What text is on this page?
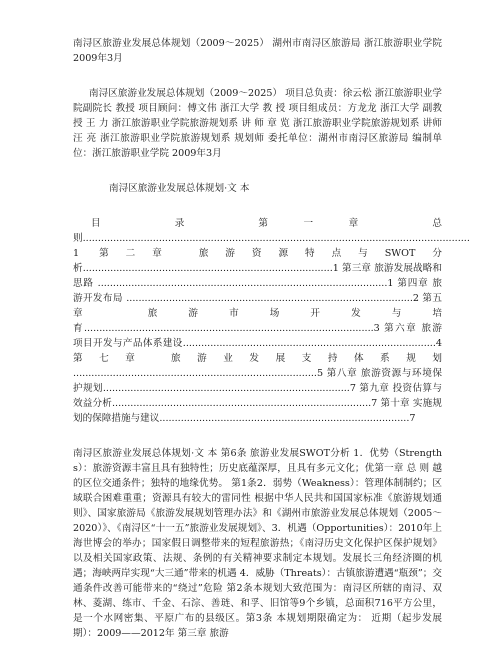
南浔区旅游业发展总体规划（2009～2025） 湖州市南浔区旅游局 浙江旅游职业学院 2009年3月

南浔区旅游业发展总体规划（2009～2025） 项目总负责：徐云松 浙江旅游职业学院副院长 教授 项目顾问：傅文伟 浙江大学 教 授 项目组成员：方龙龙 浙江大学 副教授 王 力 浙江旅游职业学院旅游规划系 讲 师 章 览 浙江旅游职业学院旅游规划系 讲师 汪 亮 浙江旅游职业学院旅游规划系 规划师 委托单位：湖州市南浔区旅游局 编制单位：浙江旅游职业学院 2009年3月

南浔区旅游业发展总体规划·文 本

目 录 第一章 总则...............................................................................................................................1 第二章 旅游资源特点与SWOT分析..................................................................................1 第三章 旅游发展战略和思路 ...............................................................................................1 第四章 旅游开发布局 ..............................................................................................2 第五章 旅游市场开发与培育...............................................................................................3 第六章 旅游项目开发与产品体系建设...................................................................................4 第七章 旅游业发展支持体系规划 ................................................................................5 第八章 旅游资源与环境保护规划.................................................................................7 第九章 投资估算与效益分析.....................................................................................7 第十章 实施规划的保障措施与建议..................................................................................7

南浔区旅游业发展总体规划·文 本 第6条 旅游业发展SWOT分析 1．优势（Strengths）：旅游资源丰富且具有独特性；历史底蕴深厚，且具有多元文化；优第一章 总 则 越的区位交通条件；独特的地缘优势。 第1条2．弱势（Weakness）：管理体制制约；区域联合困难重重；资源具有较大的雷同性 根据中华人民共和国国家标准《旅游规划通则》、国家旅游局《旅游发展规划管理办法》和《湖州市旅游业发展总体规划（2005～2020）》、《南浔区“十一五”旅游业发展规划》、3．机遇（Opportunities）：2010年上海世博会的举办；国家假日调整带来的短程旅游热；《南浔历史文化保护区保护规划》以及相关国家政策、法规、条例的有关精神要求制定本规划。发展长三角经济圈的机遇；海峡两岸实现“大三通”带来的机遇 4．威胁（Threats）：古镇旅游遭遇“瓶颈”；交通条件改善可能带来的“绕过”危险 第2条本规划大致范围为：南浔区所辖的南浔、双林、菱湖、练市、千金、石淙、善琏、和孚、旧馆等9个乡镇，总面积716平方公里，是一个水网密集、平原广布的县级区。第3条 本规划期限确定为： 近期（起步发展期）：2009——2012年 第三章 旅游
